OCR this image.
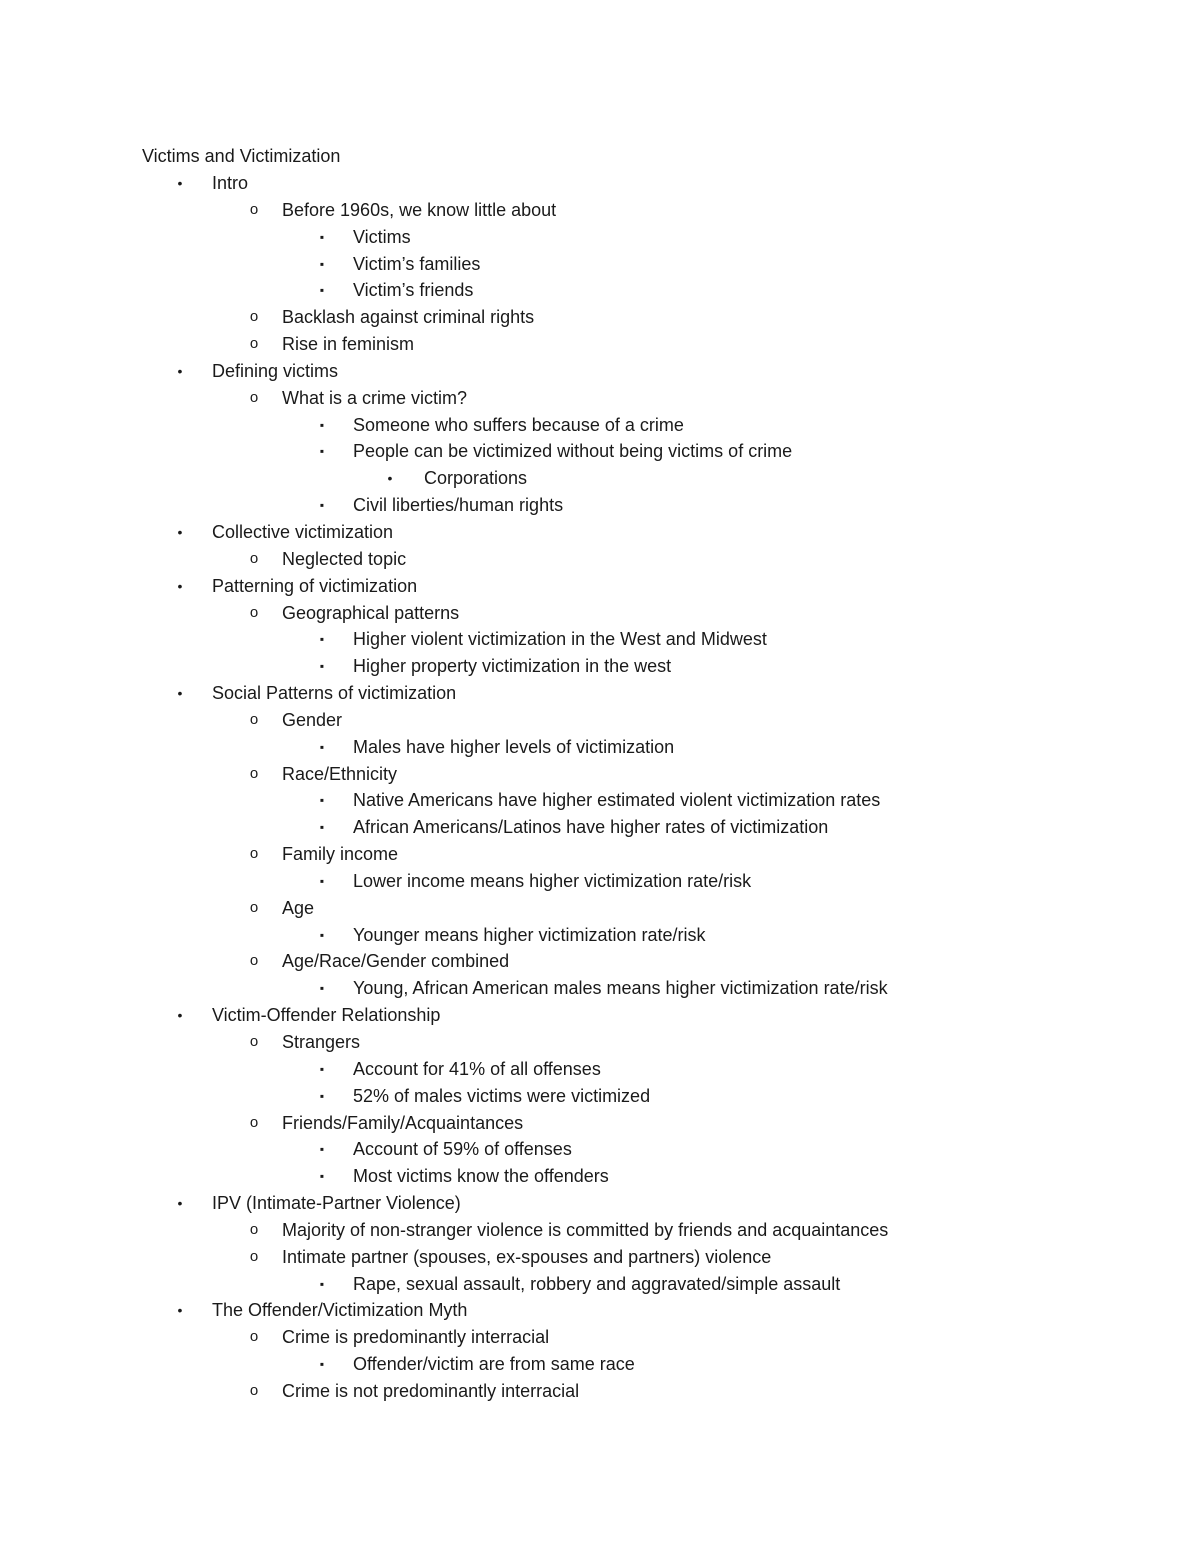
Victims and Victimization
•	Intro
o	Before 1960s, we know little about
▪	Victims
▪	Victim’s families
▪	Victim’s friends
o	Backlash against criminal rights
o	Rise in feminism
•	Defining victims
o	What is a crime victim?
▪	Someone who suffers because of a crime
▪	People can be victimized without being victims of crime
•	Corporations
▪	Civil liberties/human rights
•	Collective victimization
o	Neglected topic
•	Patterning of victimization
o	Geographical patterns
▪	Higher violent victimization in the West and Midwest
▪	Higher property victimization in the west
•	Social Patterns of victimization
o	Gender
▪	Males have higher levels of victimization
o	Race/Ethnicity
▪	Native Americans have higher estimated violent victimization rates
▪	African Americans/Latinos have higher rates of victimization
o	Family income
▪	Lower income means higher victimization rate/risk
o	Age
▪	Younger means higher victimization rate/risk
o	Age/Race/Gender combined
▪	Young, African American males means higher victimization rate/risk
•	Victim-Offender Relationship
o	Strangers
▪	Account for 41% of all offenses
▪	52% of males victims were victimized
o	Friends/Family/Acquaintances
▪	Account of 59% of offenses
▪	Most victims know the offenders
•	IPV (Intimate-Partner Violence)
o	Majority of non-stranger violence is committed by friends and acquaintances
o	Intimate partner (spouses, ex-spouses and partners) violence
▪	Rape, sexual assault, robbery and aggravated/simple assault
•	The Offender/Victimization Myth
o	Crime is predominantly interracial
▪	Offender/victim are from same race
o	Crime is not predominantly interracial
